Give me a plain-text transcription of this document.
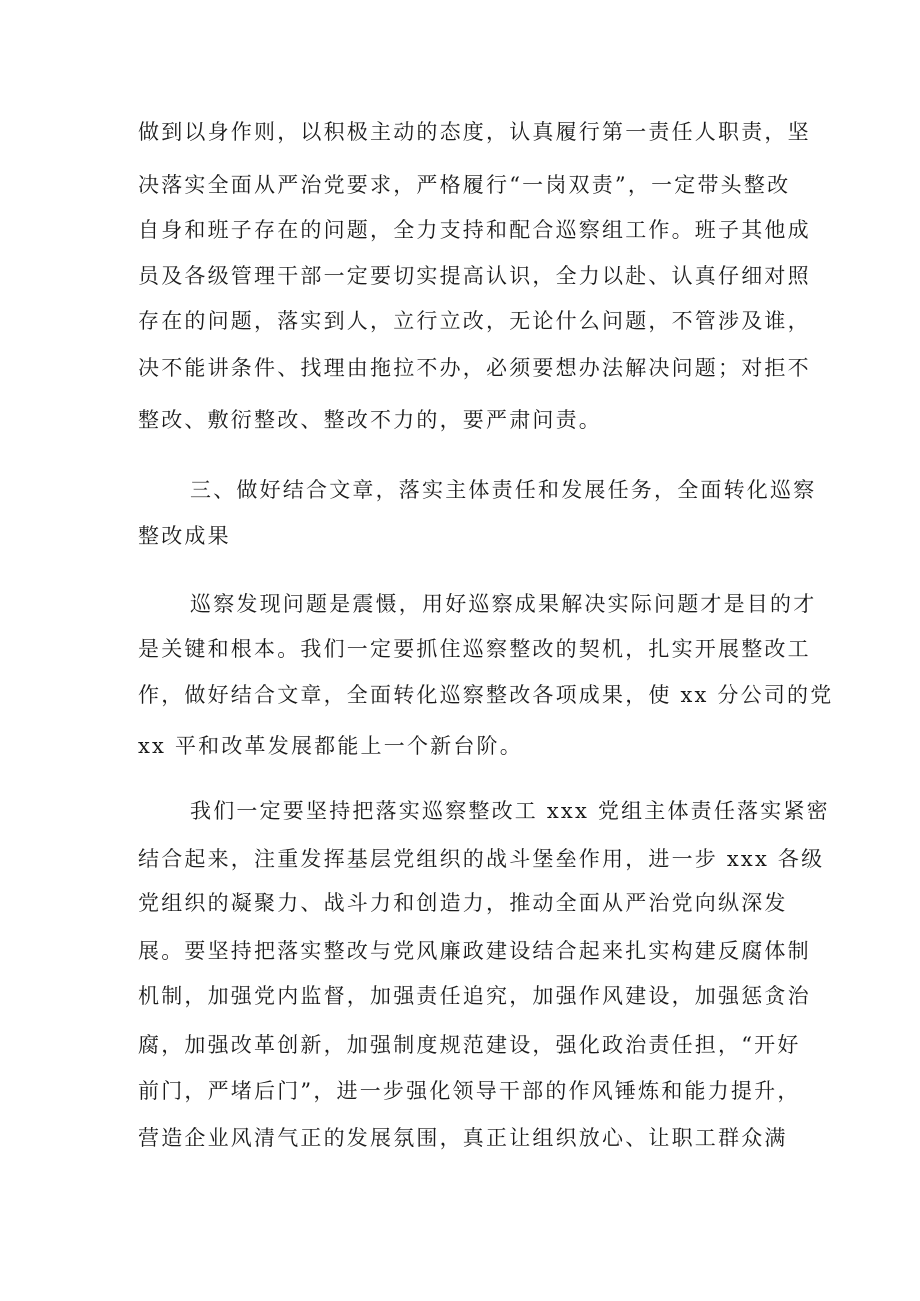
做到以身作则，以积极主动的态度，认真履行第一责任人职责，坚
决落实全面从严治党要求，严格履行“一岗双责”，一定带头整改
自身和班子存在的问题，全力支持和配合巡察组工作。班子其他成
员及各级管理干部一定要切实提高认识，全力以赴、认真仔细对照
存在的问题，落实到人，立行立改，无论什么问题，不管涉及谁，
决不能讲条件、找理由拖拉不办，必须要想办法解决问题；对拒不
整改、敷衍整改、整改不力的，要严肃问责。
三、做好结合文章，落实主体责任和发展任务，全面转化巡察
整改成果
巡察发现问题是震慑，用好巡察成果解决实际问题才是目的才
是关键和根本。我们一定要抓住巡察整改的契机，扎实开展整改工
作，做好结合文章，全面转化巡察整改各项成果，使 xx 分公司的党
xx 平和改革发展都能上一个新台阶。
我们一定要坚持把落实巡察整改工 xxx 党组主体责任落实紧密
结合起来，注重发挥基层党组织的战斗堡垒作用，进一步 xxx 各级
党组织的凝聚力、战斗力和创造力，推动全面从严治党向纵深发
展。要坚持把落实整改与党风廉政建设结合起来扎实构建反腐体制
机制，加强党内监督，加强责任追究，加强作风建设，加强惩贪治
腐，加强改革创新，加强制度规范建设，强化政治责任担，“开好
前门，严堵后门”，进一步强化领导干部的作风锤炼和能力提升，
营造企业风清气正的发展氛围，真正让组织放心、让职工群众满
